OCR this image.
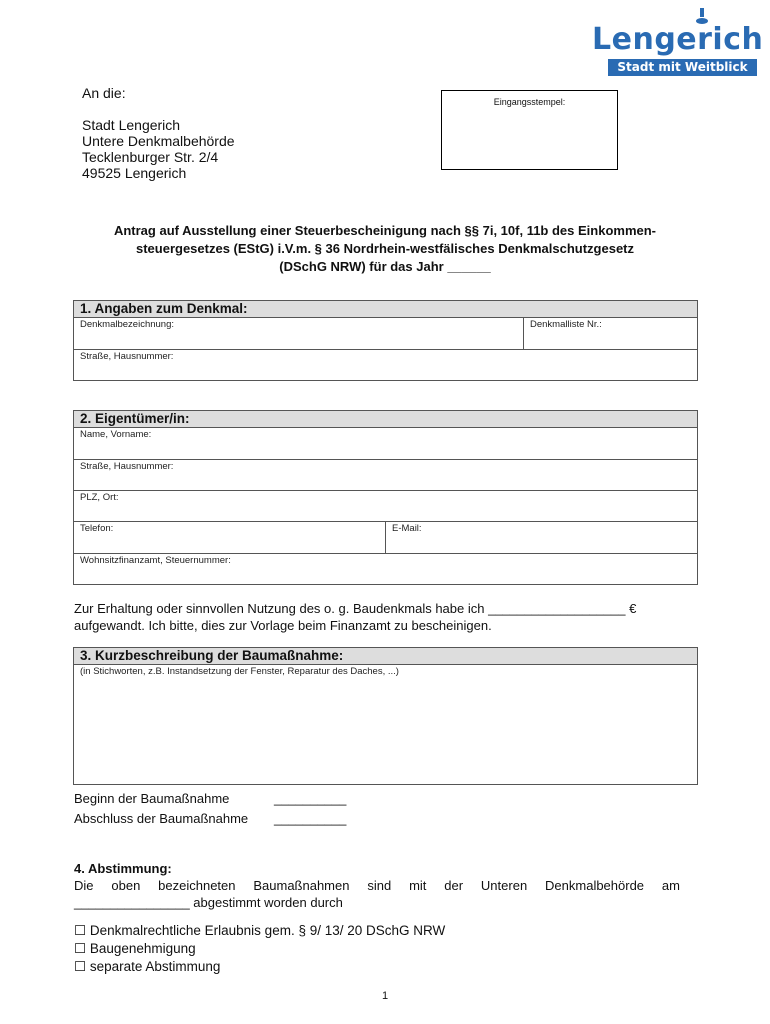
Lengerich
Stadt mit Weitblick
An die:
Stadt Lengerich
Untere Denkmalbehörde
Tecklenburger Str. 2/4
49525 Lengerich
Eingangsstempel:
Antrag auf Ausstellung einer Steuerbescheinigung nach §§ 7i, 10f, 11b des Einkommen-
steuergesetzes (EStG) i.V.m. § 36 Nordrhein-westfälisches Denkmalschutzgesetz
(DSchG NRW) für das Jahr ______
1. Angaben zum Denkmal:
Denkmalbezeichnung:	Denkmalliste Nr.:
Straße, Hausnummer:
2. Eigentümer/in:
Name, Vorname:
Straße, Hausnummer:
PLZ, Ort:
Telefon:	E-Mail:
Wohnsitzfinanzamt, Steuernummer:
Zur Erhaltung oder sinnvollen Nutzung des o. g. Baudenkmals habe ich ___________________ €
aufgewandt. Ich bitte, dies zur Vorlage beim Finanzamt zu bescheinigen.
3. Kurzbeschreibung der Baumaßnahme:
(in Stichworten, z.B. Instandsetzung der Fenster, Reparatur des Daches, ...)
Beginn der Baumaßnahme	__________
Abschluss der Baumaßnahme __________
4. Abstimmung:
Die oben bezeichneten Baumaßnahmen sind mit der Unteren Denkmalbehörde am
________________ abgestimmt worden durch
☐ Denkmalrechtliche Erlaubnis gem. § 9/ 13/ 20 DSchG NRW
☐ Baugenehmigung
☐ separate Abstimmung
1
